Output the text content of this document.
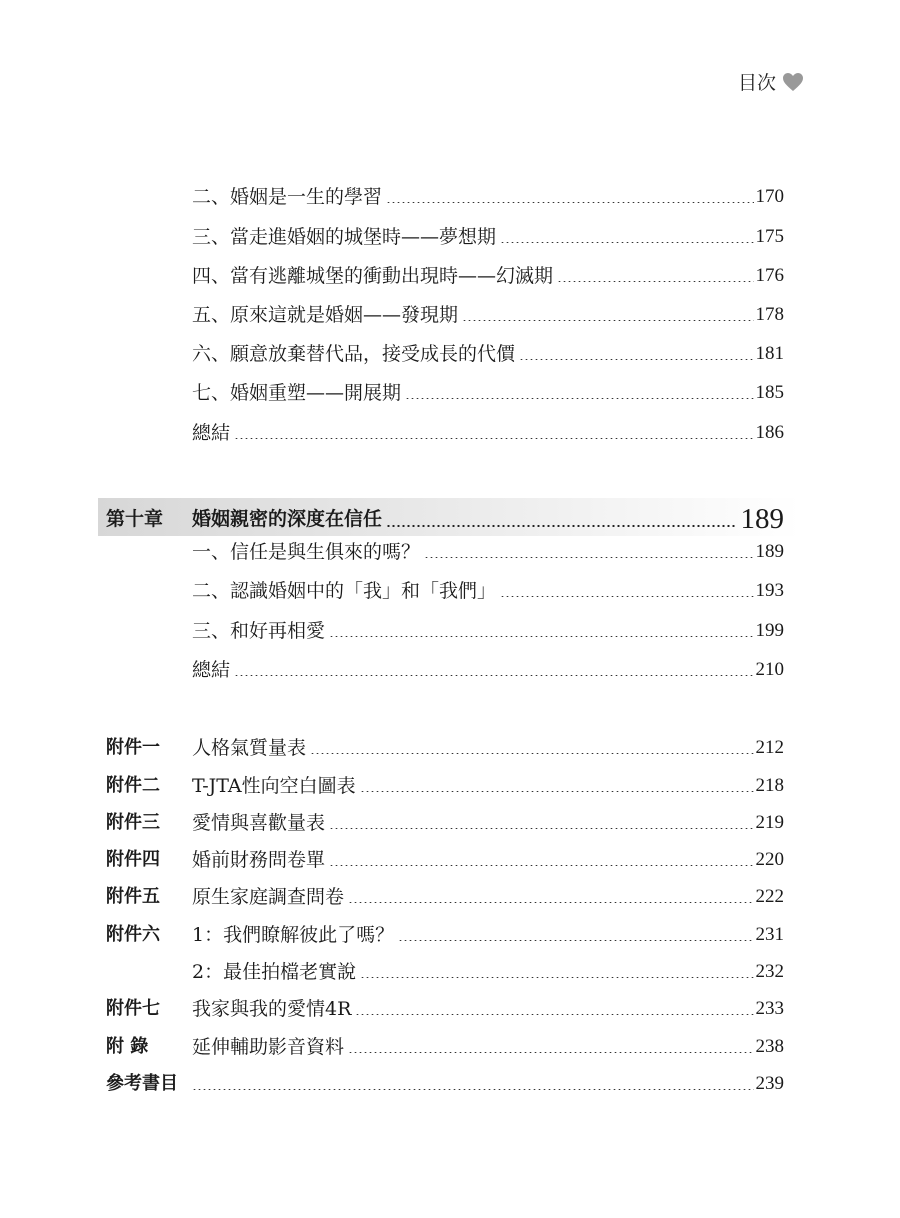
目次
二、婚姻是一生的學習	170
三、當走進婚姻的城堡時——夢想期	175
四、當有逃離城堡的衝動出現時——幻滅期	176
五、原來這就是婚姻——發現期	178
六、願意放棄替代品，接受成長的代價	181
七、婚姻重塑——開展期	185
總結	186
第十章	婚姻親密的深度在信任	189
一、信任是與生俱來的嗎？	189
二、認識婚姻中的「我」和「我們」	193
三、和好再相愛	199
總結	210
附件一	人格氣質量表	212
附件二	T-JTA性向空白圖表	218
附件三	愛情與喜歡量表	219
附件四	婚前財務問卷單	220
附件五	原生家庭調查問卷	222
附件六	1：我們瞭解彼此了嗎？	231
2：最佳拍檔老實說	232
附件七	我家與我的愛情4R	233
附 錄	延伸輔助影音資料	238
參考書目	239
